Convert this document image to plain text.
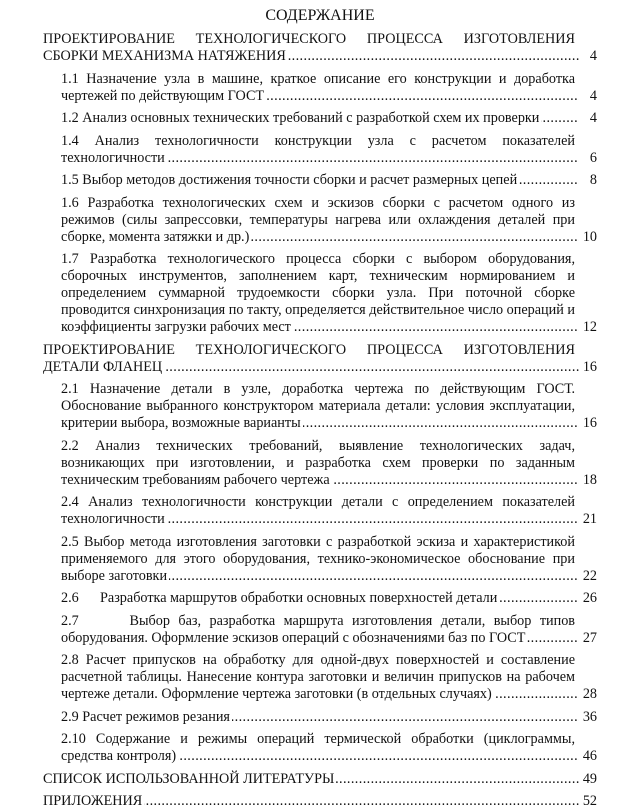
СОДЕРЖАНИЕ
..... ПРОЕКТИРОВАНИЕ ТЕХНОЛОГИЧЕСКОГО ПРОЦЕССА ИЗГОТОВЛЕНИЯ СБОРКИ МЕХАНИЗМА НАТЯЖЕНИЯ	4
..... 1.1 Назначение узла в машине, краткое описание его конструкции и доработка чертежей по действующим ГОСТ	4
..... 1.2 Анализ основных технических требований с разработкой схем их проверки	4
..... 1.4 Анализ технологичности конструкции узла с расчетом показателей технологичности	6
..... 1.5 Выбор методов достижения точности сборки и расчет размерных цепей	8
..... 1.6 Разработка технологических схем и эскизов сборки с расчетом одного из режимов (силы запрессовки, температуры нагрева или охлаждения деталей при сборке, момента затяжки и др.)	10
..... 1.7 Разработка технологического процесса сборки с выбором оборудования, сборочных инструментов, заполнением карт, техническим нормированием и определением суммарной трудоемкости сборки узла. При поточной сборке проводится синхронизация по такту, определяется действительное число операций и коэффициенты загрузки рабочих мест	12
..... ПРОЕКТИРОВАНИЕ ТЕХНОЛОГИЧЕСКОГО ПРОЦЕССА ИЗГОТОВЛЕНИЯ ДЕТАЛИ ФЛАНЕЦ	16
..... 2.1 Назначение детали в узле, доработка чертежа по действующим ГОСТ. Обоснование выбранного конструктором материала детали: условия эксплуатации, критерии выбора, возможные варианты	16
..... 2.2 Анализ технических требований, выявление технологических задач, возникающих при изготовлении, и разработка схем проверки по заданным техническим требованиям рабочего чертежа	18
..... 2.4 Анализ технологичности конструкции детали с определением показателей технологичности	21
..... 2.5 Выбор метода изготовления заготовки с разработкой эскиза и характеристикой применяемого для этого оборудования, технико-экономическое обоснование при выборе заготовки	22
..... 2.6      Разработка маршрутов обработки основных поверхностей детали	26
..... 2.7      Выбор баз, разработка маршрута изготовления детали, выбор типов оборудования. Оформление эскизов операций с обозначениями баз по ГОСТ	27
..... 2.8 Расчет припусков на обработку для одной-двух поверхностей и составление расчетной таблицы. Нанесение контура заготовки и величин припусков на рабочем чертеже детали. Оформление чертежа заготовки (в отдельных случаях)	28
..... 2.9 Расчет режимов резания	36
..... 2.10 Содержание и режимы операций термической обработки (циклограммы, средства контроля)	46
..... СПИСОК ИСПОЛЬЗОВАННОЙ ЛИТЕРАТУРЫ	49
..... ПРИЛОЖЕНИЯ	52
